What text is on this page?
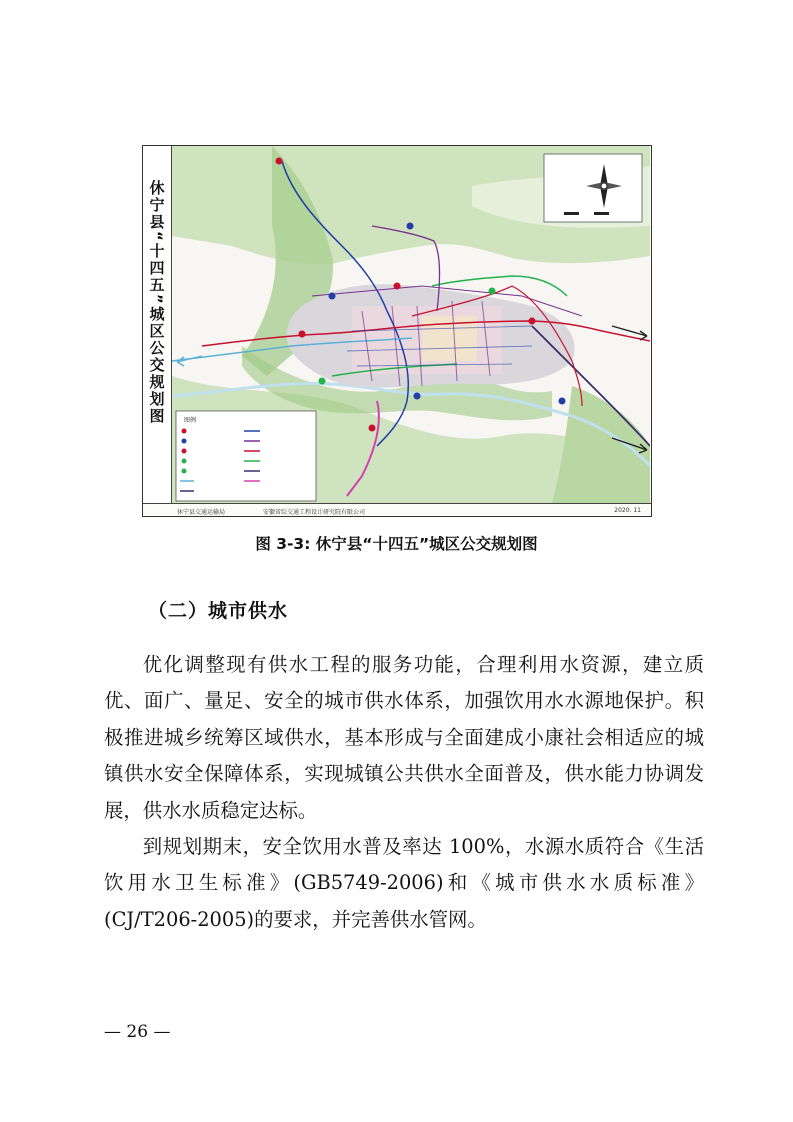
休宁县“十四五”城区公交规划图	图例
休宁县交通运输局	安徽省综交通工程设计研究院有限公司	2020. 11
图 3-3: 休宁县“十四五”城区公交规划图
（二）城市供水

优化调整现有供水工程的服务功能，合理利用水资源，建立质优、面广、量足、安全的城市供水体系，加强饮用水水源地保护。积极推进城乡统筹区域供水，基本形成与全面建成小康社会相适应的城镇供水安全保障体系，实现城镇公共供水全面普及，供水能力协调发展，供水水质稳定达标。

到规划期末，安全饮用水普及率达 100%，水源水质符合《生活饮用水卫生标准》(GB5749-2006)和《城市供水水质标准》(CJ/T206-2005)的要求，并完善供水管网。

— 26 —
